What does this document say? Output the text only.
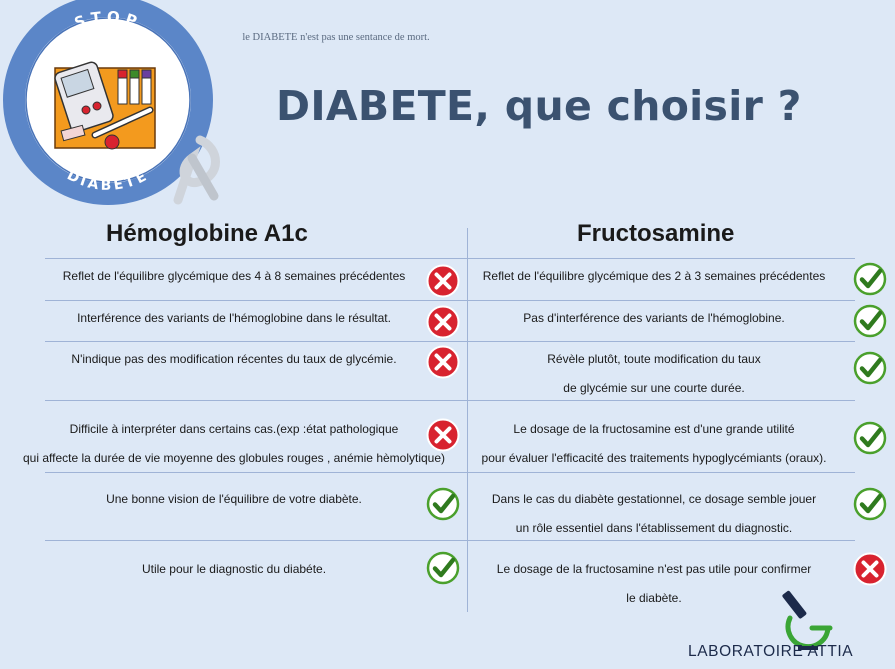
STOP
DIABETE
le DIABETE n'est pas une sentance de mort.
DIABETE, que choisir ?
Hémoglobine A1c	Fructosamine
Reflet de l'équilibre glycémique des 4 à 8 semaines précédentes
Interférence des variants de l'hémoglobine dans le résultat.
N'indique pas des modification récentes du taux de glycémie.
Difficile à interpréter dans certains cas.(exp :état pathologique
qui affecte la durée de vie moyenne des globules rouges , anémie hèmolytique)
Une bonne vision de l'équilibre de votre diabète.
Utile pour le diagnostic du diabéte.
Reflet de l'équilibre glycémique des 2 à 3 semaines précédentes
Pas d'interférence des variants de l'hémoglobine.
Révèle plutôt, toute modification du taux
de glycémie sur une courte durée.
Le dosage de la fructosamine est d'une grande utilité
pour évaluer l'efficacité des traitements hypoglycémiants (oraux).
Dans le cas du diabète gestationnel, ce dosage semble jouer
un rôle essentiel dans l'établissement du diagnostic.
Le dosage de la fructosamine n'est pas utile pour confirmer
le diabète.
LABORATOIRE ATTIA
